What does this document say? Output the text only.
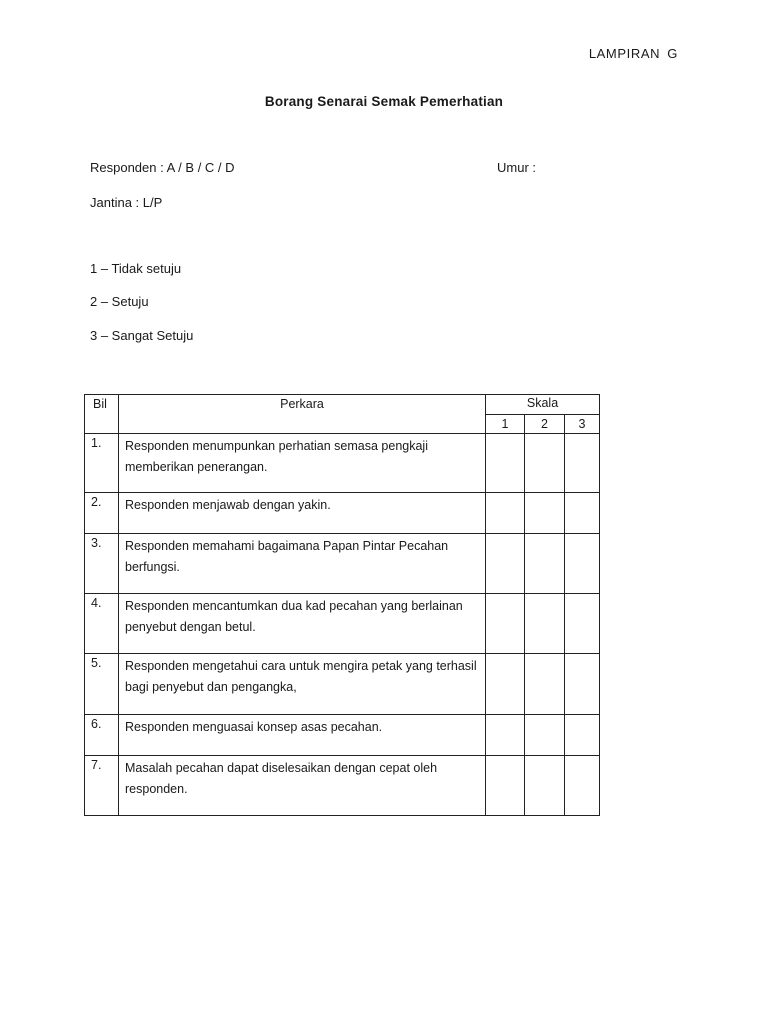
LAMPIRAN G
Borang Senarai Semak Pemerhatian
Responden : A / B / C / D	Umur :
Jantina : L/P
1 – Tidak setuju
2 – Setuju
3 – Sangat Setuju
Bil	Perkara	Skala		
		1	2	3
1.	Responden menumpunkan perhatian semasa pengkaji memberikan penerangan.			
2.	Responden menjawab dengan yakin.			
3.	Responden memahami bagaimana Papan Pintar Pecahan berfungsi.			
4.	Responden mencantumkan dua kad pecahan yang berlainan penyebut dengan betul.			
5.	Responden mengetahui cara untuk mengira petak yang terhasil bagi penyebut dan pengangka,			
6.	Responden menguasai konsep asas pecahan.			
7.	Masalah pecahan dapat diselesaikan dengan cepat oleh responden.			
